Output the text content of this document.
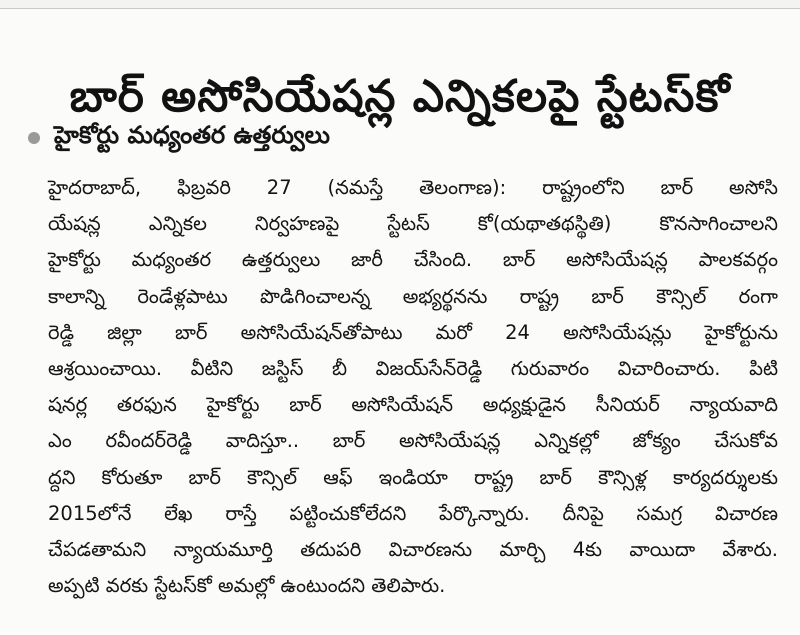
బార్ అసోసియేషన్ల ఎన్నికలపై స్టేటస్‌కో
హైకోర్టు మధ్యంతర ఉత్తర్వులు
హైదరాబాద్, ఫిబ్రవరి 27 (నమస్తే తెలంగాణ): రాష్ట్రంలోని బార్ అసోసి
యేషన్ల ఎన్నికల నిర్వహణపై స్టేటస్ కో(యథాతథస్థితి) కొనసాగించాలని
హైకోర్టు మధ్యంతర ఉత్తర్వులు జారీ చేసింది. బార్ అసోసియేషన్ల పాలకవర్గం
కాలాన్ని రెండేళ్లపాటు పొడిగించాలన్న అభ్యర్థనను రాష్ట్ర బార్ కౌన్సిల్ రంగా
రెడ్డి జిల్లా బార్ అసోసియేషన్‌తోపాటు మరో 24 అసోసియేషన్లు హైకోర్టును
ఆశ్రయించాయి. వీటిని జస్టిస్ బీ విజయ్‌సేన్‌రెడ్డి గురువారం విచారించారు. పిటి
షనర్ల తరఫున హైకోర్టు బార్ అసోసియేషన్ అధ్యక్షుడైన సీనియర్ న్యాయవాది
ఎం రవీందర్‌రెడ్డి వాదిస్తూ.. బార్ అసోసియేషన్ల ఎన్నికల్లో జోక్యం చేసుకోవ
ద్దని కోరుతూ బార్ కౌన్సిల్ ఆఫ్ ఇండియా రాష్ట్ర బార్ కౌన్సిళ్ల కార్యదర్శులకు
2015లోనే లేఖ రాస్తే పట్టించుకోలేదని పేర్కొన్నారు. దీనిపై సమగ్ర విచారణ
చేపడతామని న్యాయమూర్తి తదుపరి విచారణను మార్చి 4కు వాయిదా వేశారు.
అప్పటి వరకు స్టేటస్‌కో అమల్లో ఉంటుందని తెలిపారు.
